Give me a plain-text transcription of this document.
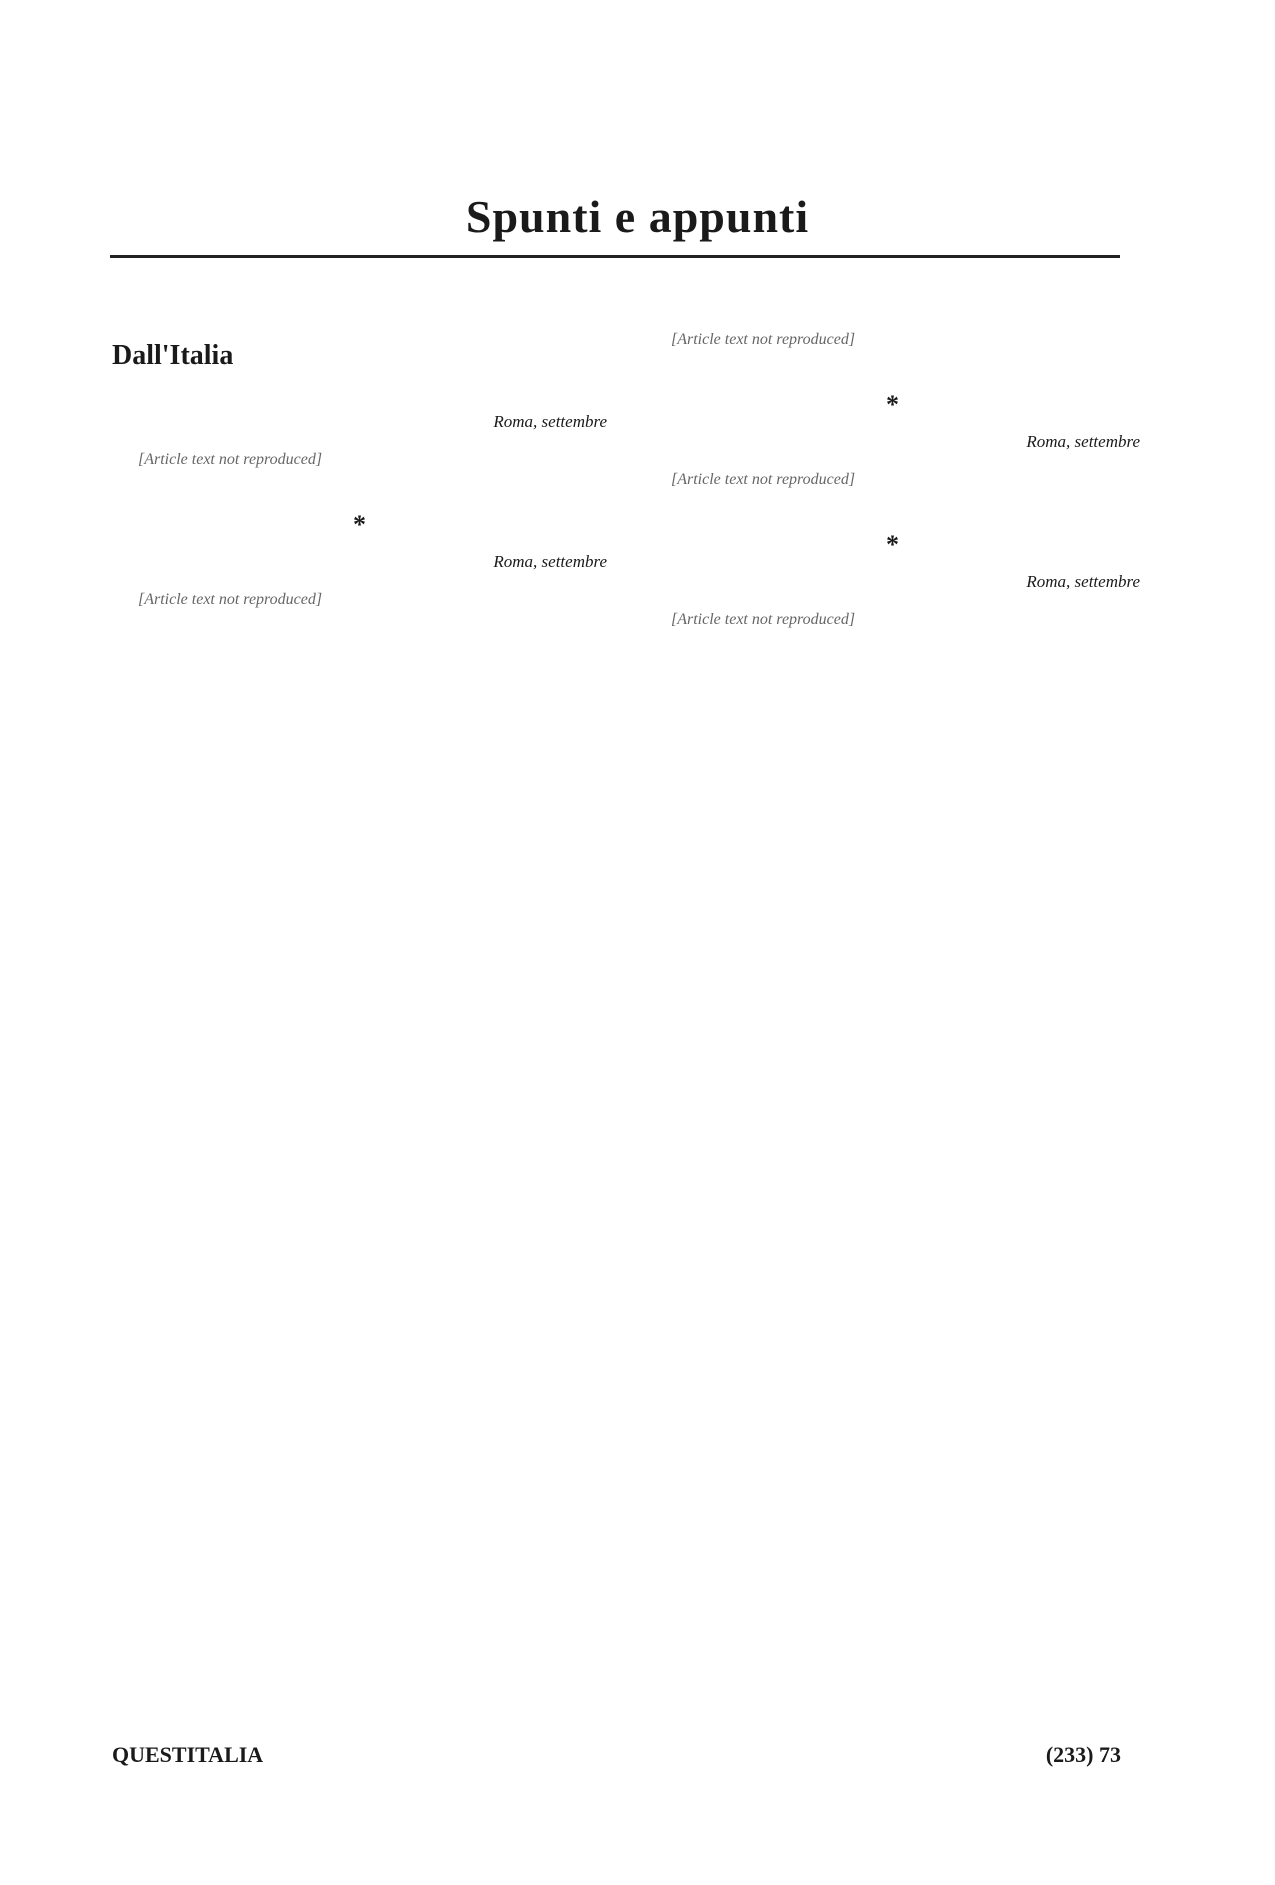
Spunti e appunti
Dall'Italia
Roma, settembre
[Article text not reproduced]
*
Roma, settembre
[Article text not reproduced]
[Article text not reproduced]
*
Roma, settembre
[Article text not reproduced]
*
Roma, settembre
[Article text not reproduced]
QUESTITALIA	(233) 73
